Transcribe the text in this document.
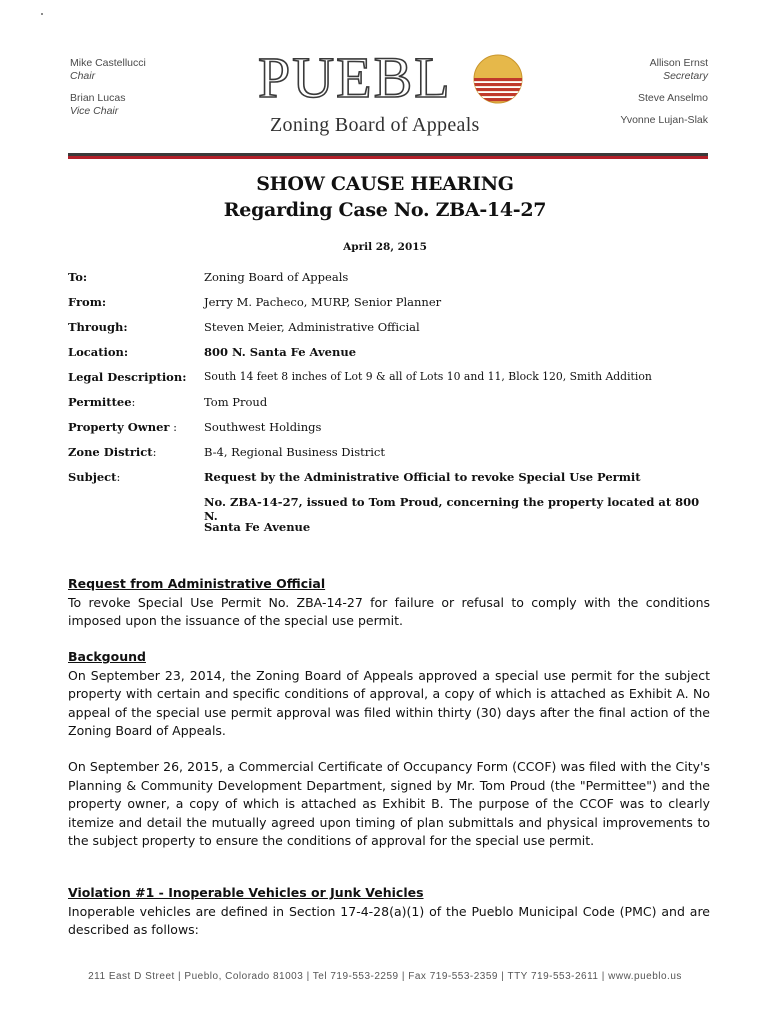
Mike Castellucci
Chair
Brian Lucas
Vice Chair
PUEBL
Zoning Board of Appeals
Allison Ernst
Secretary
Steve Anselmo
Yvonne Lujan-Slak
SHOW CAUSE HEARING
Regarding Case No. ZBA-14-27
April 28, 2015
To:	Zoning Board of Appeals
From:	Jerry M. Pacheco, MURP, Senior Planner
Through:	Steven Meier, Administrative Official
Location:	800 N. Santa Fe Avenue
Legal Description: South 14 feet 8 inches of Lot 9 & all of Lots 10 and 11, Block 120, Smith Addition
Permittee:	Tom Proud
Property Owner : Southwest Holdings
Zone District:	B-4, Regional Business District
Subject:	Request by the Administrative Official to revoke Special Use Permit
No. ZBA-14-27, issued to Tom Proud, concerning the property located at 800 N.
Santa Fe Avenue
Request from Administrative Official

To revoke Special Use Permit No. ZBA-14-27 for failure or refusal to comply with the conditions imposed upon the issuance of the special use permit.

Backgound

On September 23, 2014, the Zoning Board of Appeals approved a special use permit for the subject property with certain and specific conditions of approval, a copy of which is attached as Exhibit A. No appeal of the special use permit approval was filed within thirty (30) days after the final action of the Zoning Board of Appeals.

On September 26, 2015, a Commercial Certificate of Occupancy Form (CCOF) was filed with the City's Planning & Community Development Department, signed by Mr. Tom Proud (the "Permittee") and the property owner, a copy of which is attached as Exhibit B. The purpose of the CCOF was to clearly itemize and detail the mutually agreed upon timing of plan submittals and physical improvements to the subject property to ensure the conditions of approval for the special use permit.

Violation #1 - Inoperable Vehicles or Junk Vehicles

Inoperable vehicles are defined in Section 17-4-28(a)(1) of the Pueblo Municipal Code (PMC) and are described as follows:

211 East D Street | Pueblo, Colorado 81003 | Tel 719-553-2259 | Fax 719-553-2359 | TTY 719-553-2611 | www.pueblo.us
